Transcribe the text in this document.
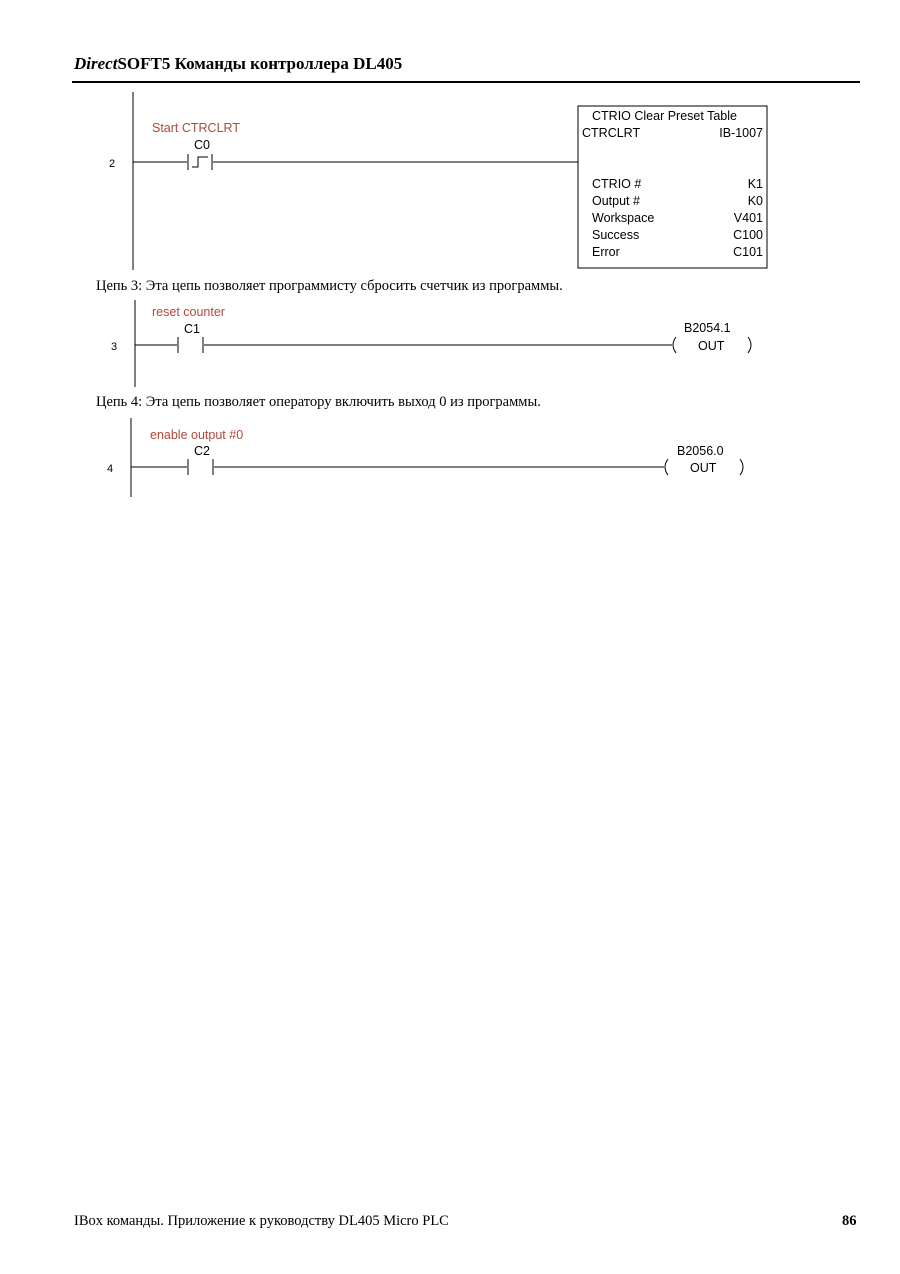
DirectSOFT5 Команды контроллера DL405
2
Start CTRCLRT
C0
CTRIO Clear Preset Table
CTRCLRT	IB-1007
CTRIO #	K1
Output #	K0
Workspace	V401
Success	C100
Error	C101
3
reset counter
C1	B2054.1
OUT
4
enable output #0
C2	B2056.0
OUT
Цепь 3: Эта цепь позволяет программисту сбросить счетчик из программы.
Цепь 4: Эта цепь позволяет оператору включить выход 0 из программы.
IBox команды. Приложение к руководству DL405 Micro PLC	86
